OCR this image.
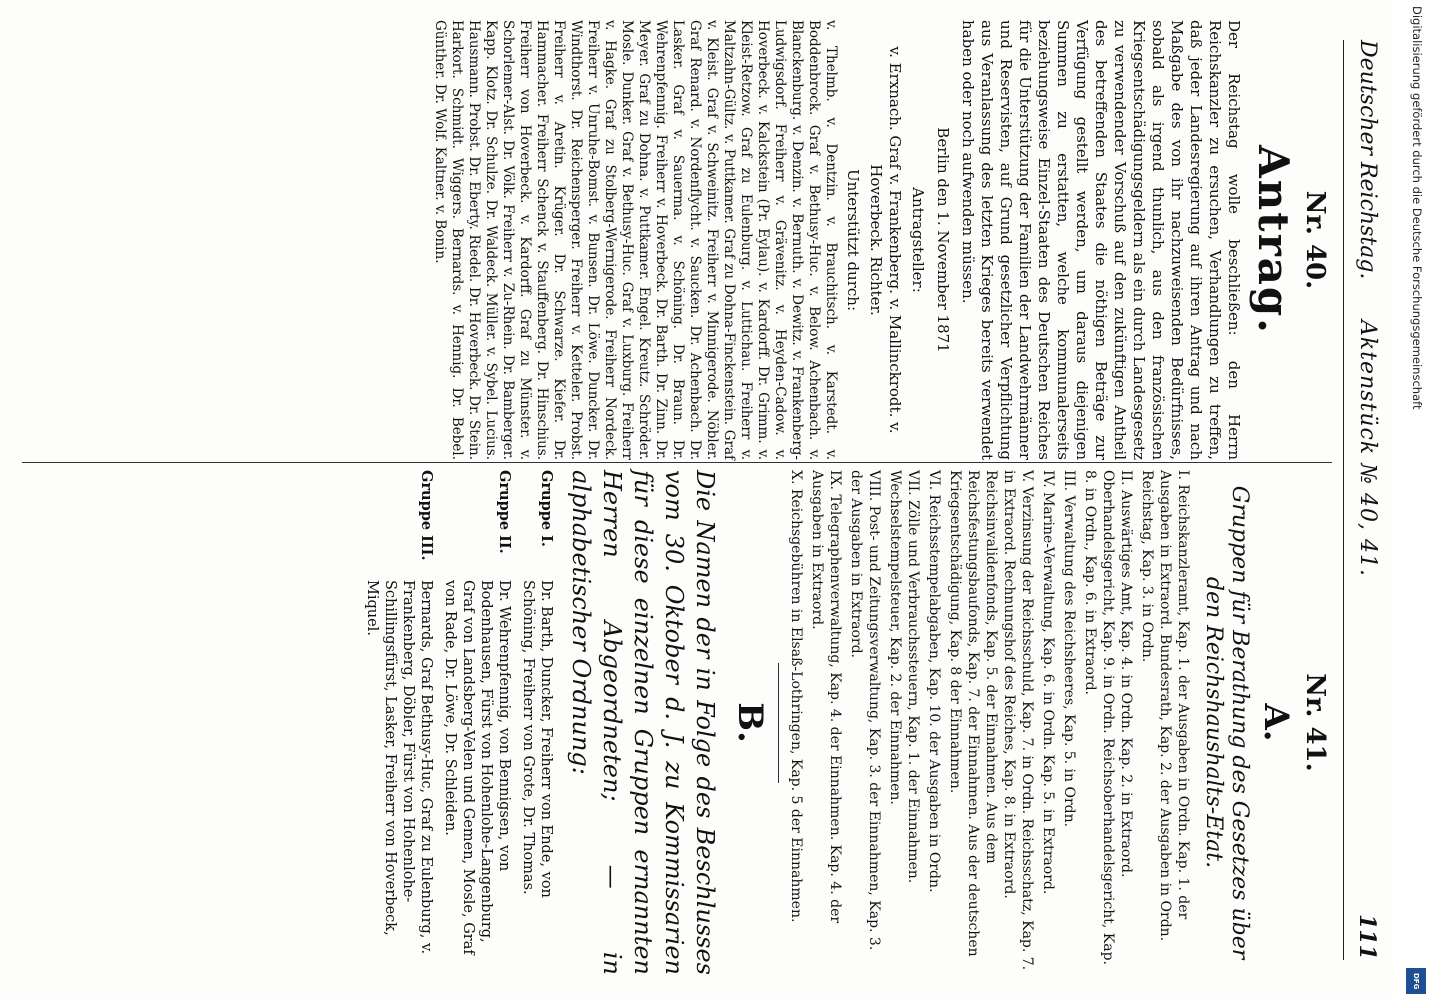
Deutscher Reichstag.
Aktenstück № 40, 41.
111
Nr. 40.
Antrag.

Der Reichstag wolle beschließen: den Herrn Reichskanzler zu ersuchen, Verhandlungen zu treffen, daß jeder Landesregierung auf ihren Antrag und nach Maßgabe des von ihr nachzuweisenden Bedürfnisses, sobald als irgend thunlich, aus den französischen Kriegsentschädigungsgeldern als ein durch Landesgesetz zu verwendender Vorschuß auf den zukünftigen Antheil des betreffenden Staates die nöthigen Beträge zur Verfügung gestellt werden, um daraus diejenigen Summen zu erstatten, welche kommunalerseits beziehungsweise Einzel-Staaten des Deutschen Reiches für die Unterstützung der Familien der Landwehrmänner und Reservisten, auf Grund gesetzlicher Verpflichtung aus Veranlassung des letzten Krieges bereits verwendet haben oder noch aufwenden müssen.

Berlin den 1. November 1871

Antragsteller:

v. Erxnach. Graf v. Frankenberg. v. Mallinckrodt. v. Hoverbeck. Richter.

Unterstützt durch:

v. Thelmb. v. Dentzin. v. Brauchitsch. v. Karstedt. v. Boddenbrock. Graf v. Bethusy-Huc. v. Below. Achenbach. v. Blanckenburg. v. Denzin. v. Bernuth. v. Dewitz. v. Frankenberg-Ludwigsdorf. Freiherr v. Grävenitz. v. Heyden-Cadow. v. Hoverbeck. v. Kalckstein (Pr. Eylau). v. Kardorff. Dr. Grimm. v. Kleist-Retzow. Graf zu Eulenburg. v. Luttichau. Freiherr v. Maltzahn-Gültz. v. Puttkamer. Graf zu Dohna-Finckenstein. Graf v. Kleist. Graf v. Schweinitz. Freiherr v. Minnigerode. Nöbler. Graf Renard. v. Nordenflycht. v. Saucken. Dr. Achenbach. Dr. Lasker. Graf v. Sauerma. v. Schöning. Dr. Braun. Dr. Wehrenpfennig. Freiherr v. Hoverbeck. Dr. Barth. Dr. Zinn. Dr. Meyer. Graf zu Dohna. v. Puttkamer. Engel. Kreutz. Schröder. Mosle. Dunker. Graf v. Bethusy-Huc. Graf v. Luxburg. Freiherr v. Hagke. Graf zu Stolberg-Wernigerode. Freiherr Nordeck. Freiherr v. Unruhe-Bomst. v. Bunsen. Dr. Löwe. Duncker. Dr. Windthorst. Dr. Reichensperger. Freiherr v. Ketteler. Probst. Freiherr v. Aretin. Krüger. Dr. Schwarze. Kiefer. Dr. Hammacher. Freiherr Schenck v. Stauffenberg. Dr. Hinschius. Freiherr von Hoverbeck. v. Kardorff. Graf zu Münster. v. Schorlemer-Alst. Dr. Völk. Freiherr v. Zu-Rhein. Dr. Bamberger. Kapp. Klotz. Dr. Schulze. Dr. Waldeck. Müller. v. Sybel. Lucius. Hausmann. Probst. Dr. Eberty. Riedel. Dr. Hoverbeck. Dr. Stein. Harkort. Schmidt. Wiggers. Bernards. v. Hennig. Dr. Bebel. Günther. Dr. Wolf. Kaltner. v. Bonin.

Nr. 41.
A.
Gruppen für Berathung des Gesetzes über den Reichshaushalts-Etat.
I. Reichskanzleramt, Kap. 1. der Ausgaben in Ordn. Kap. 1. der Ausgaben in Extraord. Bundesrath, Kap. 2. der Ausgaben in Ordn. Reichstag, Kap. 3. in Ordn.
II. Auswärtiges Amt, Kap. 4. in Ordn. Kap. 2. in Extraord. Oberhandelsgericht, Kap. 9. in Ordn. Reichsoberhandelsgericht, Kap. 8. in Ordn., Kap. 6. in Extraord.
III. Verwaltung des Reichsheeres, Kap. 5. in Ordn.
IV. Marine-Verwaltung, Kap. 6. in Ordn. Kap. 5. in Extraord.
V. Verzinsung der Reichsschuld, Kap. 7. in Ordn. Reichsschatz, Kap. 7. in Extraord. Rechnungshof des Reiches, Kap. 8. in Extraord. Reichsinvalidenfonds, Kap. 5. der Einnahmen. Aus dem Reichsfestungsbaufonds, Kap. 7. der Einnahmen. Aus der deutschen Kriegsentschädigung, Kap. 8 der Einnahmen.
VI. Reichsstempelabgaben, Kap. 10. der Ausgaben in Ordn.
VII. Zölle und Verbrauchssteuern, Kap. 1. der Einnahmen. Wechselstempelsteuer, Kap. 2. der Einnahmen.
VIII. Post- und Zeitungsverwaltung, Kap. 3. der Einnahmen, Kap. 3. der Ausgaben in Extraord.
IX. Telegraphenverwaltung, Kap. 4. der Einnahmen. Kap. 4. der Ausgaben in Extraord.
X. Reichsgebühren in Elsaß-Lothringen, Kap. 5 der Einnahmen.
B.

Die Namen der in Folge des Beschlusses vom 30. Oktober d. J. zu Kommissarien für diese einzelnen Gruppen ernannten Herren Abgeordneten; — in alphabetischer Ordnung:

Gruppe I.
Dr. Barth, Duncker, Freiherr von Ende, von Schöning, Freiherr von Grote, Dr. Thomas.
Gruppe II.
Dr. Wehrenpfennig, von Bennigsen, von Bodenhausen, Fürst von Hohenlohe-Langenburg, Graf von Landsberg-Velen und Gemen, Mosle, Graf von Rade, Dr. Löwe, Dr. Schleiden.
Gruppe III.
Bernards, Graf Bethusy-Huc, Graf zu Eulenburg, v. Frankenberg, Döbler, Fürst von Hohenlohe-Schillingsfürst, Lasker, Freiherr von Hoverbeck, Miquel.
Digitalisierung gefördert durch die Deutsche Forschungsgemeinschaft
DFG
